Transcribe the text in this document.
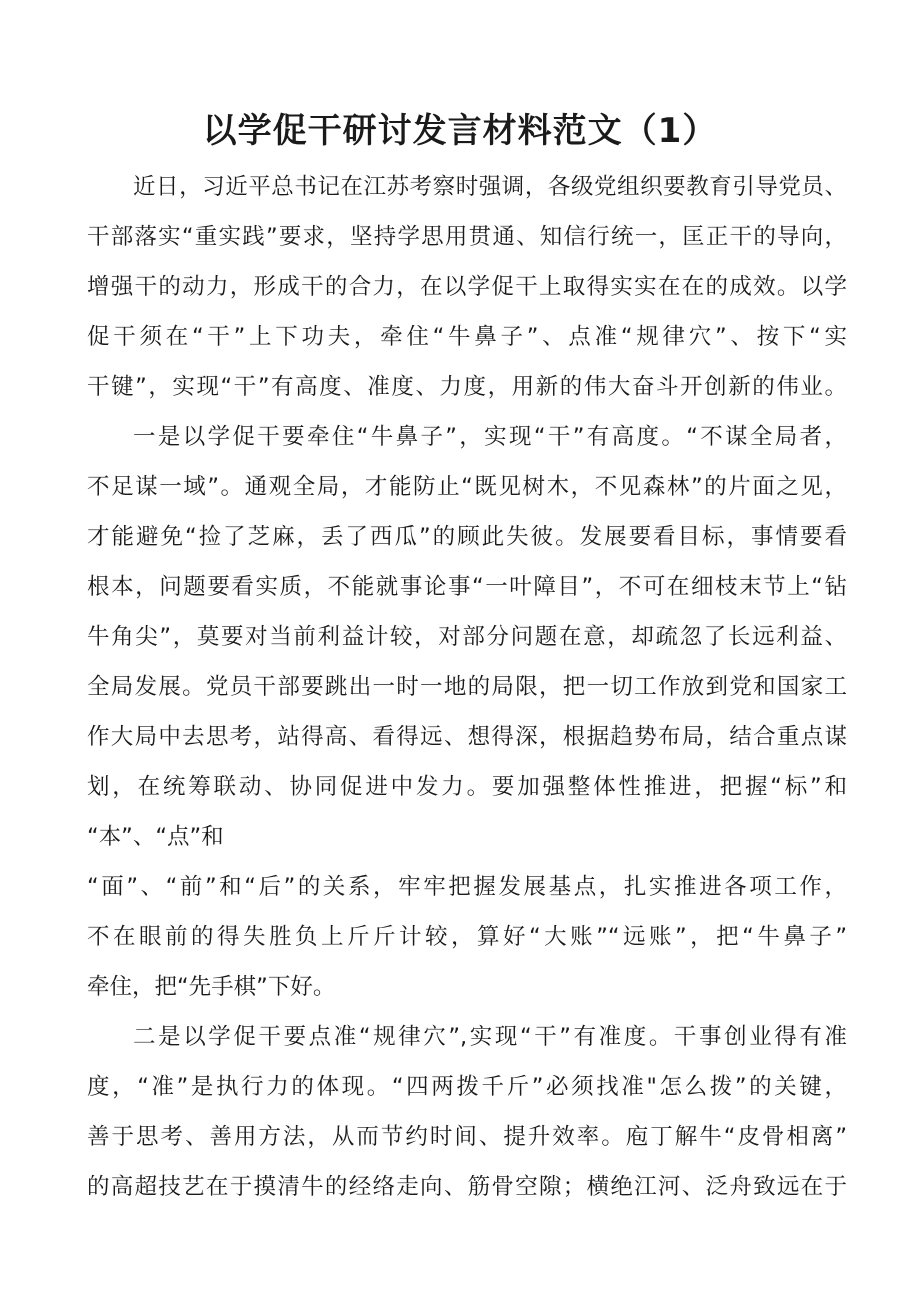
以学促干研讨发言材料范文（1）
近日，习近平总书记在江苏考察时强调，各级党组织要教育引导党员、
干部落实“重实践”要求，坚持学思用贯通、知信行统一，匡正干的导向，
增强干的动力，形成干的合力，在以学促干上取得实实在在的成效。以学
促干须在“干”上下功夫，牵住“牛鼻子”、点准“规律穴”、按下“实
干键”，实现“干”有高度、准度、力度，用新的伟大奋斗开创新的伟业。
一是以学促干要牵住“牛鼻子”，实现“干”有高度。“不谋全局者，
不足谋一域”。通观全局，才能防止“既见树木，不见森林”的片面之见，
才能避免“捡了芝麻，丢了西瓜”的顾此失彼。发展要看目标，事情要看
根本，问题要看实质，不能就事论事“一叶障目”，不可在细枝末节上“钻
牛角尖”，莫要对当前利益计较，对部分问题在意，却疏忽了长远利益、
全局发展。党员干部要跳出一时一地的局限，把一切工作放到党和国家工
作大局中去思考，站得高、看得远、想得深，根据趋势布局，结合重点谋
划，在统筹联动、协同促进中发力。要加强整体性推进，把握“标”和
“本”、“点”和
“面”、“前”和“后”的关系，牢牢把握发展基点，扎实推进各项工作，
不在眼前的得失胜负上斤斤计较，算好“大账”“远账”，把“牛鼻子”
牵住，把“先手棋”下好。
二是以学促干要点准“规律穴”,实现“干”有准度。干事创业得有准
度，“准”是执行力的体现。“四两拨千斤”必须找准"怎么拨”的关键，
善于思考、善用方法，从而节约时间、提升效率。庖丁解牛“皮骨相离”
的高超技艺在于摸清牛的经络走向、筋骨空隙；横绝江河、泛舟致远在于
